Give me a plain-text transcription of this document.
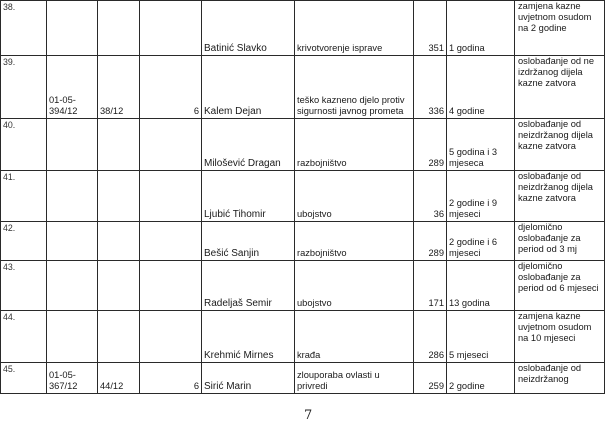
38.				Batinić Slavko	krivotvorenje isprave	351	1 godina	zamjena kazne uvjetnom osudom na 2 godine
39.	01-05-394/12	38/12	6	Kalem Dejan	teško kazneno djelo protiv sigurnosti javnog prometa	336	4 godine	oslobađanje od ne izdržanog dijela kazne zatvora
40.				Milošević Dragan	razbojništvo	289	5 godina i 3 mjeseca	oslobađanje od neizdržanog dijela kazne zatvora
41.				Ljubić Tihomir	ubojstvo	36	2 godine i 9 mjeseci	oslobađanje od neizdržanog dijela kazne zatvora
42.				Bešić Sanjin	razbojništvo	289	2 godine i 6 mjeseci	djelomično oslobađanje za period od 3 mj
43.				Radeljaš Semir	ubojstvo	171	13 godina	djelomično oslobađanje za period od 6 mjeseci
44.				Krehmić Mirnes	krađa	286	5 mjeseci	zamjena kazne uvjetnom osudom na 10 mjeseci
45.	01-05-367/12	44/12	6	Sirić Marin	zlouporaba ovlasti u privredi	259	2 godine	oslobađanje od neizdržanog
7
